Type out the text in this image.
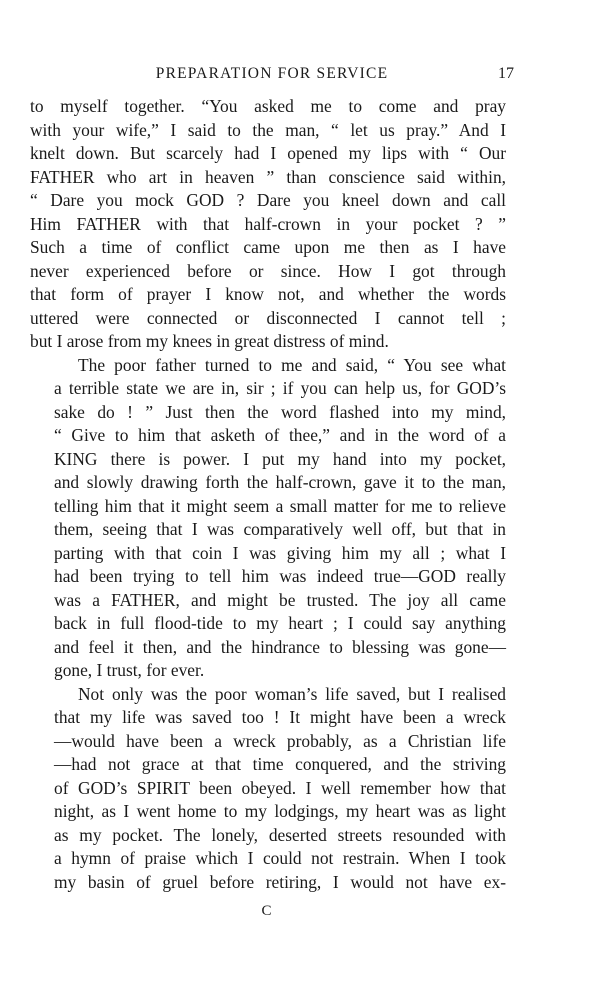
PREPARATION FOR SERVICE	17
to myself together. “You asked me to come and pray
with your wife,” I said to the man, “ let us pray.” And I
knelt down. But scarcely had I opened my lips with “ Our
FATHER who art in heaven ” than conscience said within,
“ Dare you mock GOD ? Dare you kneel down and call
Him FATHER with that half-crown in your pocket ? ”
Such a time of conflict came upon me then as I have
never experienced before or since. How I got through
that form of prayer I know not, and whether the words
uttered were connected or disconnected I cannot tell ;
but I arose from my knees in great distress of mind.
The poor father turned to me and said, “ You see what
a terrible state we are in, sir ; if you can help us, for GOD’s
sake do ! ” Just then the word flashed into my mind,
“ Give to him that asketh of thee,” and in the word of a
KING there is power. I put my hand into my pocket,
and slowly drawing forth the half-crown, gave it to the man,
telling him that it might seem a small matter for me to relieve
them, seeing that I was comparatively well off, but that in
parting with that coin I was giving him my all ; what I
had been trying to tell him was indeed true—GOD really
was a FATHER, and might be trusted. The joy all came
back in full flood-tide to my heart ; I could say anything
and feel it then, and the hindrance to blessing was gone—
gone, I trust, for ever.
Not only was the poor woman’s life saved, but I realised
that my life was saved too ! It might have been a wreck
—would have been a wreck probably, as a Christian life
—had not grace at that time conquered, and the striving
of GOD’s SPIRIT been obeyed. I well remember how that
night, as I went home to my lodgings, my heart was as light
as my pocket. The lonely, deserted streets resounded with
a hymn of praise which I could not restrain. When I took
my basin of gruel before retiring, I would not have ex-
C
